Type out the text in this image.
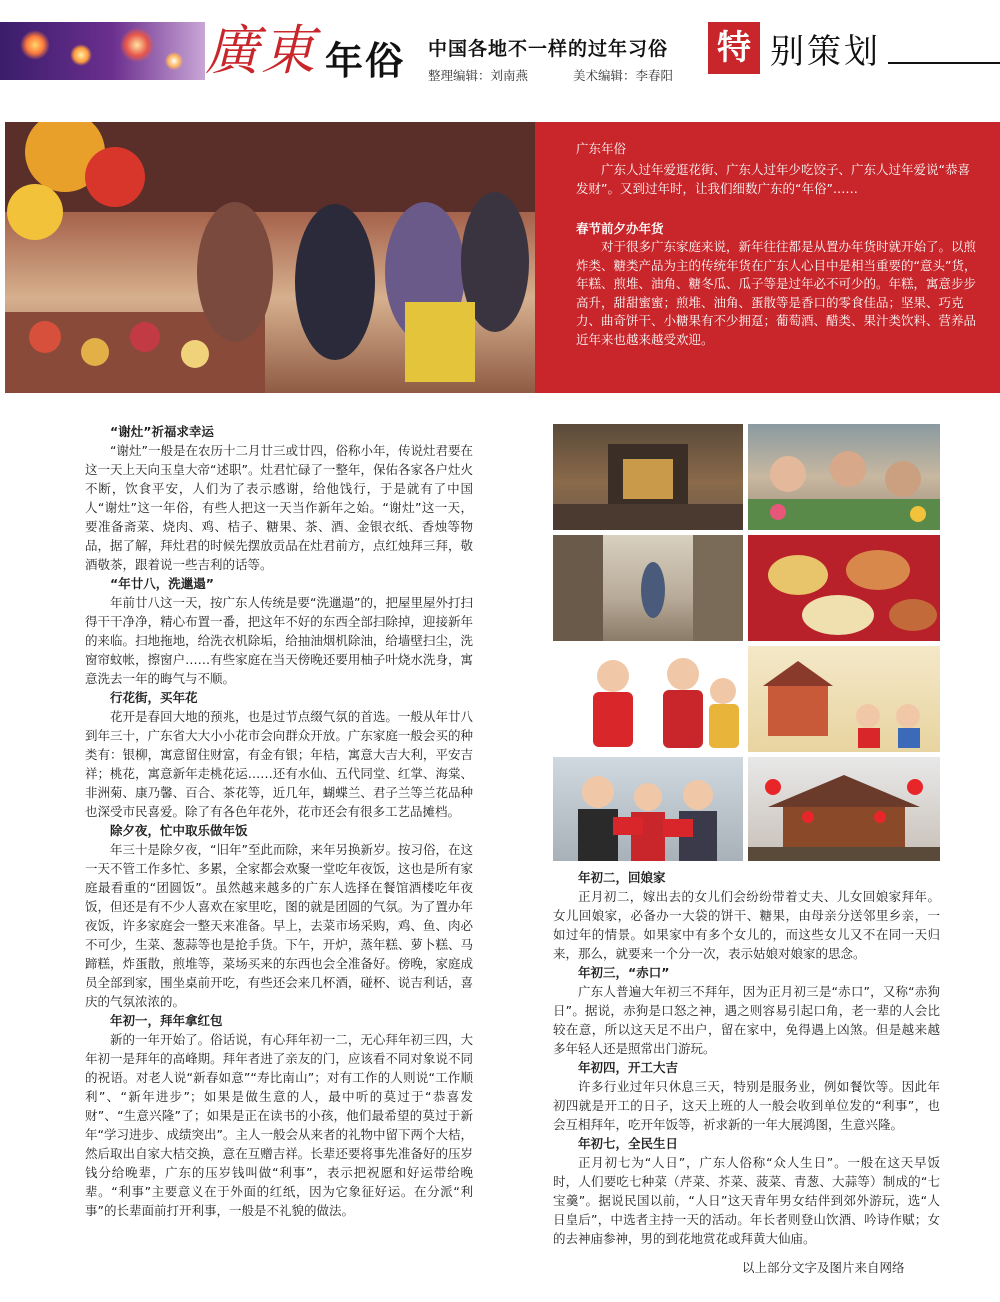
廣東 年俗 中国各地不一样的过年习俗
整理编辑：刘南燕	美术编辑：李春阳
特 别策划
广东年俗
广东人过年爱逛花街、广东人过年少吃饺子、广东人过年爱说“恭喜发财”。又到过年时，让我们细数广东的“年俗”……
春节前夕办年货
对于很多广东家庭来说，新年往往都是从置办年货时就开始了。以煎炸类、糖类产品为主的传统年货在广东人心目中是相当重要的“意头”货，年糕、煎堆、油角、糖冬瓜、瓜子等是过年必不可少的。年糕，寓意步步高升，甜甜蜜蜜；煎堆、油角、蛋散等是香口的零食佳品；坚果、巧克力、曲奇饼干、小糖果有不少拥趸；葡萄酒、醋类、果汁类饮料、营养品近年来也越来越受欢迎。
“谢灶”祈福求幸运
“谢灶”一般是在农历十二月廿三或廿四，俗称小年，传说灶君要在这一天上天向玉皇大帝“述职”。灶君忙碌了一整年，保佑各家各户灶火不断，饮食平安，人们为了表示感谢，给他饯行，于是就有了中国人“谢灶”这一年俗，有些人把这一天当作新年之始。“谢灶”这一天，要准备斋菜、烧肉、鸡、桔子、糖果、茶、酒、金银衣纸、香烛等物品，据了解，拜灶君的时候先摆放贡品在灶君前方，点红烛拜三拜，敬酒敬茶，跟着说一些吉利的话等。
“年廿八，洗邋遢”
年前廿八这一天，按广东人传统是要“洗邋遢”的，把屋里屋外打扫得干干净净，精心布置一番，把这年不好的东西全部扫除掉，迎接新年的来临。扫地拖地，给洗衣机除垢，给抽油烟机除油，给墙壁扫尘，洗窗帘蚊帐，擦窗户……有些家庭在当天傍晚还要用柚子叶烧水洗身，寓意洗去一年的晦气与不顺。
行花街，买年花
花开是春回大地的预兆，也是过节点缀气氛的首选。一般从年廿八到年三十，广东省大大小小花市会向群众开放。广东家庭一般会买的种类有：银柳，寓意留住财富，有金有银；年桔，寓意大吉大利，平安吉祥；桃花，寓意新年走桃花运……还有水仙、五代同堂、红掌、海棠、非洲菊、康乃馨、百合、茶花等，近几年，蝴蝶兰、君子兰等兰花品种也深受市民喜爱。除了有各色年花外，花市还会有很多工艺品摊档。
除夕夜，忙中取乐做年饭
年三十是除夕夜，“旧年”至此而除，来年另换新岁。按习俗，在这一天不管工作多忙、多累，全家都会欢聚一堂吃年夜饭，这也是所有家庭最看重的“团圆饭”。虽然越来越多的广东人选择在餐馆酒楼吃年夜饭，但还是有不少人喜欢在家里吃，图的就是团圆的气氛。为了置办年夜饭，许多家庭会一整天来准备。早上，去菜市场采购，鸡、鱼、肉必不可少，生菜、葱蒜等也是抢手货。下午，开炉，蒸年糕、萝卜糕、马蹄糕，炸蛋散，煎堆等，菜场买来的东西也会全准备好。傍晚，家庭成员全部到家，围坐桌前开吃，有些还会来几杯酒，碰杯、说吉利话，喜庆的气氛浓浓的。
年初一，拜年拿红包
新的一年开始了。俗话说，有心拜年初一二，无心拜年初三四，大年初一是拜年的高峰期。拜年者进了亲友的门，应该看不同对象说不同的祝语。对老人说“新春如意”“寿比南山”；对有工作的人则说“工作顺利”、“新年进步”；如果是做生意的人，最中听的莫过于“恭喜发财”、“生意兴隆”了；如果是正在读书的小孩，他们最希望的莫过于新年“学习进步、成绩突出”。主人一般会从来者的礼物中留下两个大桔，然后取出自家大桔交换，意在互赠吉祥。长辈还要将事先准备好的压岁钱分给晚辈，广东的压岁钱叫做“利事”，表示把祝愿和好运带给晚辈。“利事”主要意义在于外面的红纸，因为它象征好运。在分派“利事”的长辈面前打开利事，一般是不礼貌的做法。
年初二，回娘家
正月初二，嫁出去的女儿们会纷纷带着丈夫、儿女回娘家拜年。女儿回娘家，必备办一大袋的饼干、糖果，由母亲分送邻里乡亲，一如过年的情景。如果家中有多个女儿的，而这些女儿又不在同一天归来，那么，就要来一个分一次，表示姑娘对娘家的思念。
年初三，“赤口”
广东人普遍大年初三不拜年，因为正月初三是“赤口”，又称“赤狗日”。据说，赤狗是口怒之神，遇之则容易引起口角，老一辈的人会比较在意，所以这天足不出户，留在家中，免得遇上凶煞。但是越来越多年轻人还是照常出门游玩。
年初四，开工大吉
许多行业过年只休息三天，特别是服务业，例如餐饮等。因此年初四就是开工的日子，这天上班的人一般会收到单位发的“利事”，也会互相拜年，吃开年饭等，祈求新的一年大展鸿图，生意兴隆。
年初七，全民生日
正月初七为“人日”，广东人俗称“众人生日”。一般在这天早饭时，人们要吃七种菜（芹菜、芥菜、菠菜、青葱、大蒜等）制成的“七宝羹”。据说民国以前，“人日”这天青年男女结伴到郊外游玩，选“人日皇后”，中选者主持一天的活动。年长者则登山饮酒、吟诗作赋；女的去神庙参神，男的到花地赏花或拜黄大仙庙。
以上部分文字及图片来自网络
